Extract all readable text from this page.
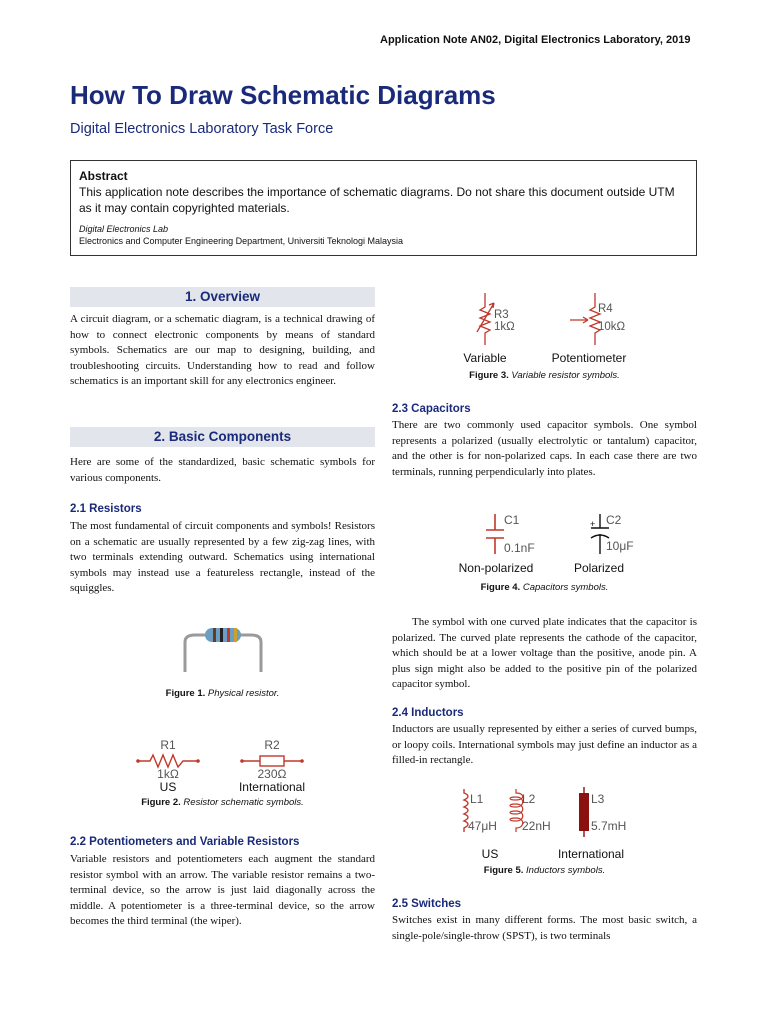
Application Note AN02, Digital Electronics Laboratory, 2019
How To Draw Schematic Diagrams
Digital Electronics Laboratory Task Force
Abstract
This application note describes the importance of schematic diagrams. Do not share this document outside UTM as it may contain copyrighted materials.
Digital Electronics Lab
Electronics and Computer Engineering Department, Universiti Teknologi Malaysia
1. Overview
A circuit diagram, or a schematic diagram, is a technical drawing of how to connect electronic components by means of standard symbols. Schematics are our map to designing, building, and troubleshooting circuits. Understanding how to read and follow schematics is an important skill for any electronics engineer.
2. Basic Components
Here are some of the standardized, basic schematic symbols for various components.
2.1 Resistors
The most fundamental of circuit components and symbols! Resistors on a schematic are usually represented by a few zig-zag lines, with two terminals extending outward. Schematics using international symbols may instead use a featureless rectangle, instead of the squiggles.
Figure 1. Physical resistor.
R1
1kΩ
US
R2
230Ω
International
Figure 2. Resistor schematic symbols.
2.2 Potentiometers and Variable Resistors
Variable resistors and potentiometers each augment the standard resistor symbol with an arrow. The variable resistor remains a two-terminal device, so the arrow is just laid diagonally across the middle. A potentiometer is a three-terminal device, so the arrow becomes the third terminal (the wiper).
R3
1kΩ
Variable
R4
10kΩ
Potentiometer
Figure 3. Variable resistor symbols.
2.3 Capacitors
There are two commonly used capacitor symbols. One symbol represents a polarized (usually electrolytic or tantalum) capacitor, and the other is for non-polarized caps. In each case there are two terminals, running perpendicularly into plates.
C1
0.1nF
Non-polarized
+ C2
10μF
Polarized
Figure 4. Capacitors symbols.
The symbol with one curved plate indicates that the capacitor is polarized. The curved plate represents the cathode of the capacitor, which should be at a lower voltage than the positive, anode pin. A plus sign might also be added to the positive pin of the polarized capacitor symbol.
2.4 Inductors
Inductors are usually represented by either a series of curved bumps, or loopy coils. International symbols may just define an inductor as a filled-in rectangle.
L1
47μH
L2
22nH
L3
5.7mH
US	International
Figure 5. Inductors symbols.
2.5 Switches
Switches exist in many different forms. The most basic switch, a single-pole/single-throw (SPST), is two terminals
